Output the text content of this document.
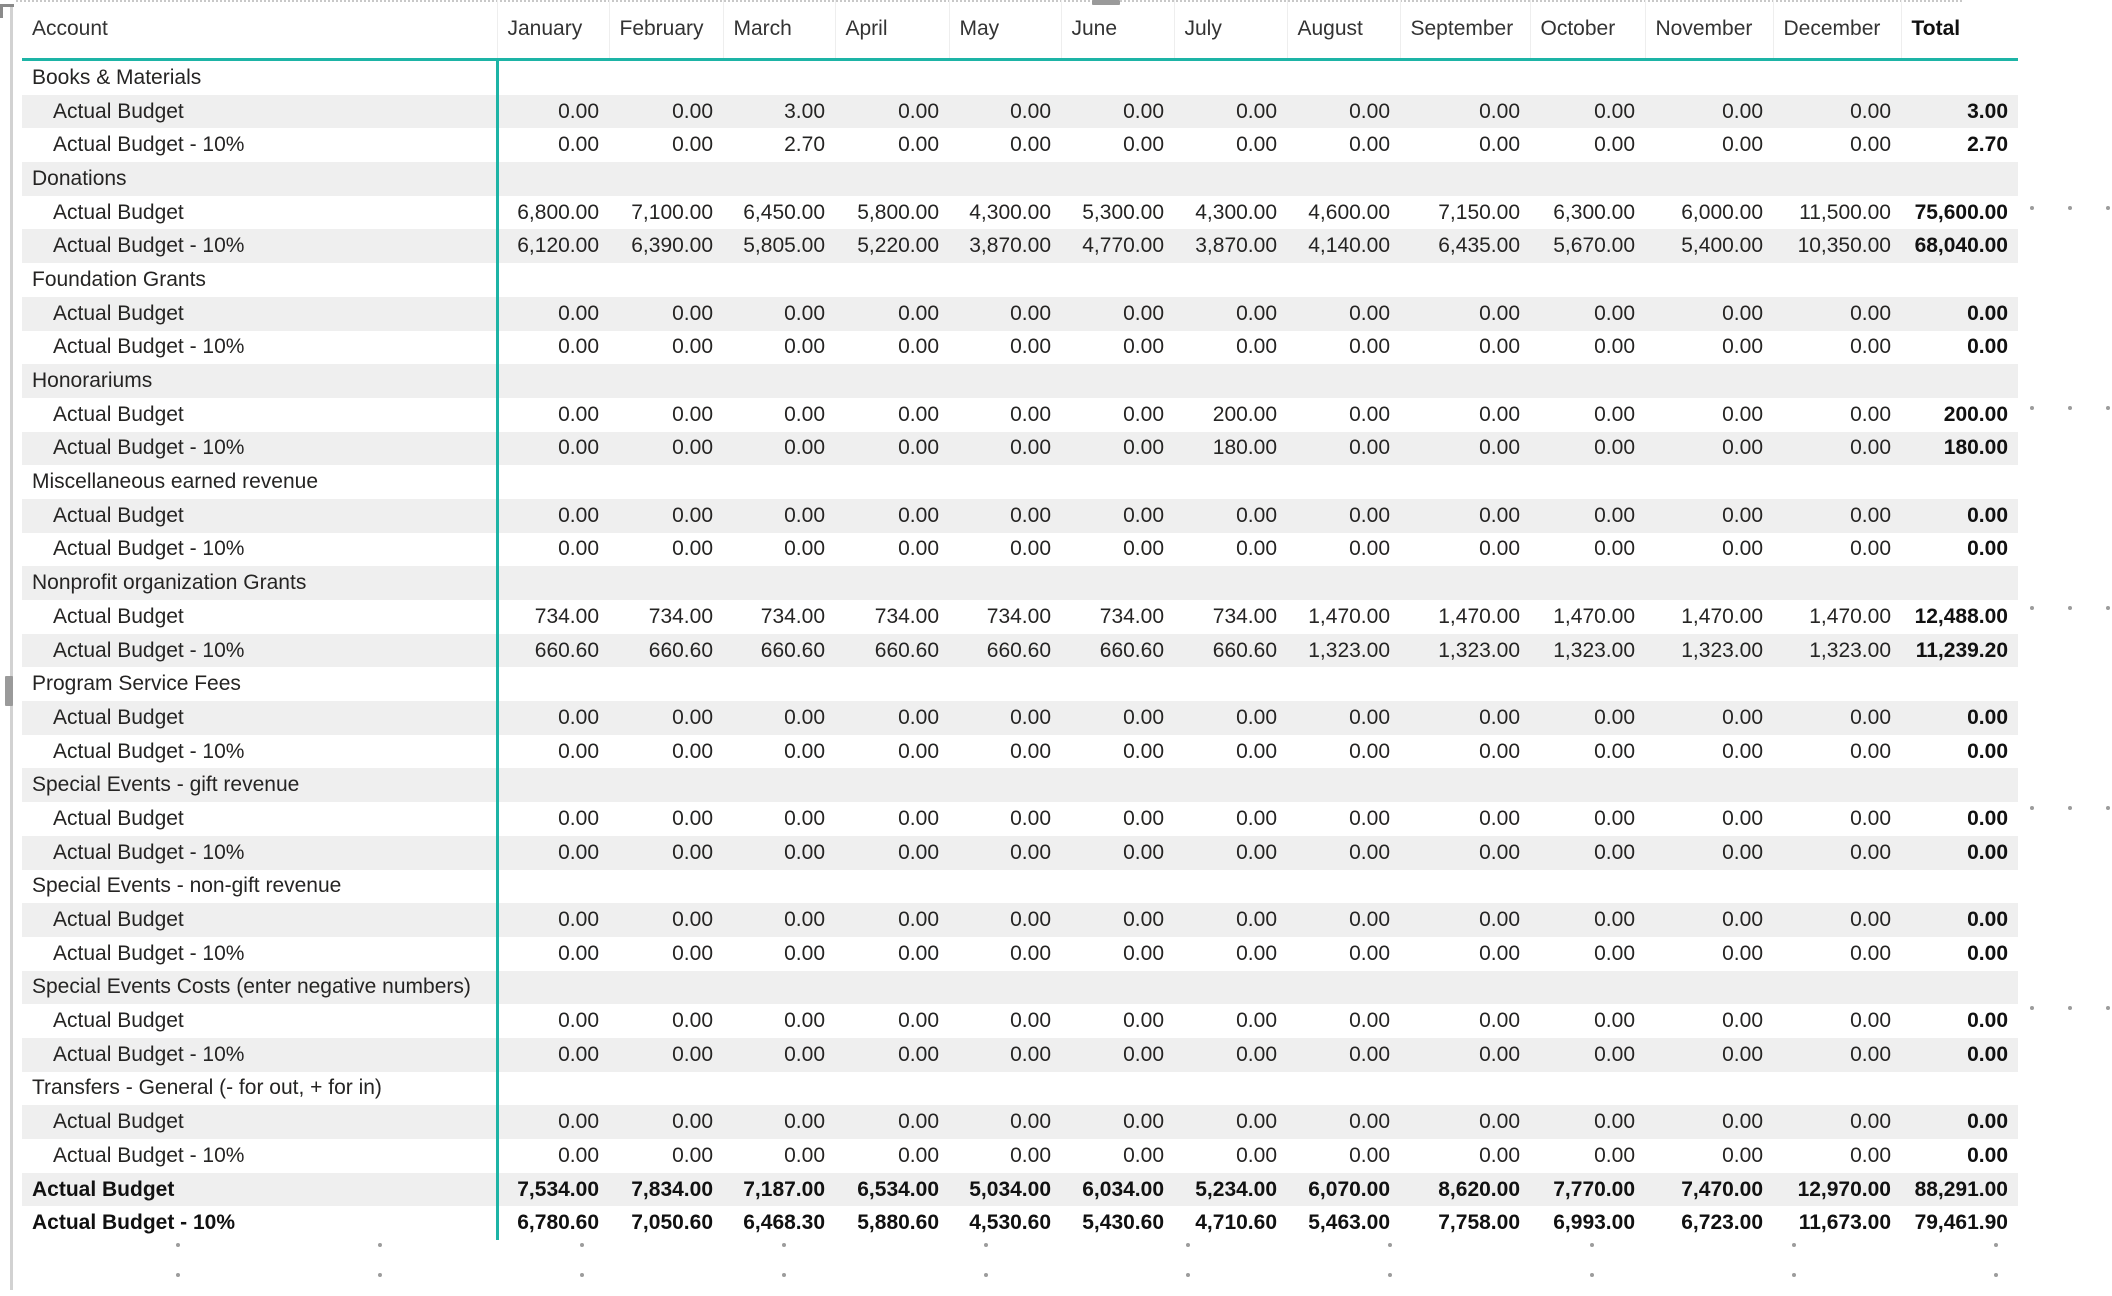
Account	January	February	March	April	May	June	July	August	September	October	November	December	Total
Books & Materials													
Actual Budget	0.00	0.00	3.00	0.00	0.00	0.00	0.00	0.00	0.00	0.00	0.00	0.00	3.00
Actual Budget - 10%	0.00	0.00	2.70	0.00	0.00	0.00	0.00	0.00	0.00	0.00	0.00	0.00	2.70
Donations													
Actual Budget	6,800.00	7,100.00	6,450.00	5,800.00	4,300.00	5,300.00	4,300.00	4,600.00	7,150.00	6,300.00	6,000.00	11,500.00	75,600.00
Actual Budget - 10%	6,120.00	6,390.00	5,805.00	5,220.00	3,870.00	4,770.00	3,870.00	4,140.00	6,435.00	5,670.00	5,400.00	10,350.00	68,040.00
Foundation Grants													
Actual Budget	0.00	0.00	0.00	0.00	0.00	0.00	0.00	0.00	0.00	0.00	0.00	0.00	0.00
Actual Budget - 10%	0.00	0.00	0.00	0.00	0.00	0.00	0.00	0.00	0.00	0.00	0.00	0.00	0.00
Honorariums													
Actual Budget	0.00	0.00	0.00	0.00	0.00	0.00	200.00	0.00	0.00	0.00	0.00	0.00	200.00
Actual Budget - 10%	0.00	0.00	0.00	0.00	0.00	0.00	180.00	0.00	0.00	0.00	0.00	0.00	180.00
Miscellaneous earned revenue													
Actual Budget	0.00	0.00	0.00	0.00	0.00	0.00	0.00	0.00	0.00	0.00	0.00	0.00	0.00
Actual Budget - 10%	0.00	0.00	0.00	0.00	0.00	0.00	0.00	0.00	0.00	0.00	0.00	0.00	0.00
Nonprofit organization Grants													
Actual Budget	734.00	734.00	734.00	734.00	734.00	734.00	734.00	1,470.00	1,470.00	1,470.00	1,470.00	1,470.00	12,488.00
Actual Budget - 10%	660.60	660.60	660.60	660.60	660.60	660.60	660.60	1,323.00	1,323.00	1,323.00	1,323.00	1,323.00	11,239.20
Program Service Fees													
Actual Budget	0.00	0.00	0.00	0.00	0.00	0.00	0.00	0.00	0.00	0.00	0.00	0.00	0.00
Actual Budget - 10%	0.00	0.00	0.00	0.00	0.00	0.00	0.00	0.00	0.00	0.00	0.00	0.00	0.00
Special Events - gift revenue													
Actual Budget	0.00	0.00	0.00	0.00	0.00	0.00	0.00	0.00	0.00	0.00	0.00	0.00	0.00
Actual Budget - 10%	0.00	0.00	0.00	0.00	0.00	0.00	0.00	0.00	0.00	0.00	0.00	0.00	0.00
Special Events - non-gift revenue													
Actual Budget	0.00	0.00	0.00	0.00	0.00	0.00	0.00	0.00	0.00	0.00	0.00	0.00	0.00
Actual Budget - 10%	0.00	0.00	0.00	0.00	0.00	0.00	0.00	0.00	0.00	0.00	0.00	0.00	0.00
Special Events Costs (enter negative numbers)													
Actual Budget	0.00	0.00	0.00	0.00	0.00	0.00	0.00	0.00	0.00	0.00	0.00	0.00	0.00
Actual Budget - 10%	0.00	0.00	0.00	0.00	0.00	0.00	0.00	0.00	0.00	0.00	0.00	0.00	0.00
Transfers - General (- for out, + for in)													
Actual Budget	0.00	0.00	0.00	0.00	0.00	0.00	0.00	0.00	0.00	0.00	0.00	0.00	0.00
Actual Budget - 10%	0.00	0.00	0.00	0.00	0.00	0.00	0.00	0.00	0.00	0.00	0.00	0.00	0.00
Actual Budget	7,534.00	7,834.00	7,187.00	6,534.00	5,034.00	6,034.00	5,234.00	6,070.00	8,620.00	7,770.00	7,470.00	12,970.00	88,291.00
Actual Budget - 10%	6,780.60	7,050.60	6,468.30	5,880.60	4,530.60	5,430.60	4,710.60	5,463.00	7,758.00	6,993.00	6,723.00	11,673.00	79,461.90
